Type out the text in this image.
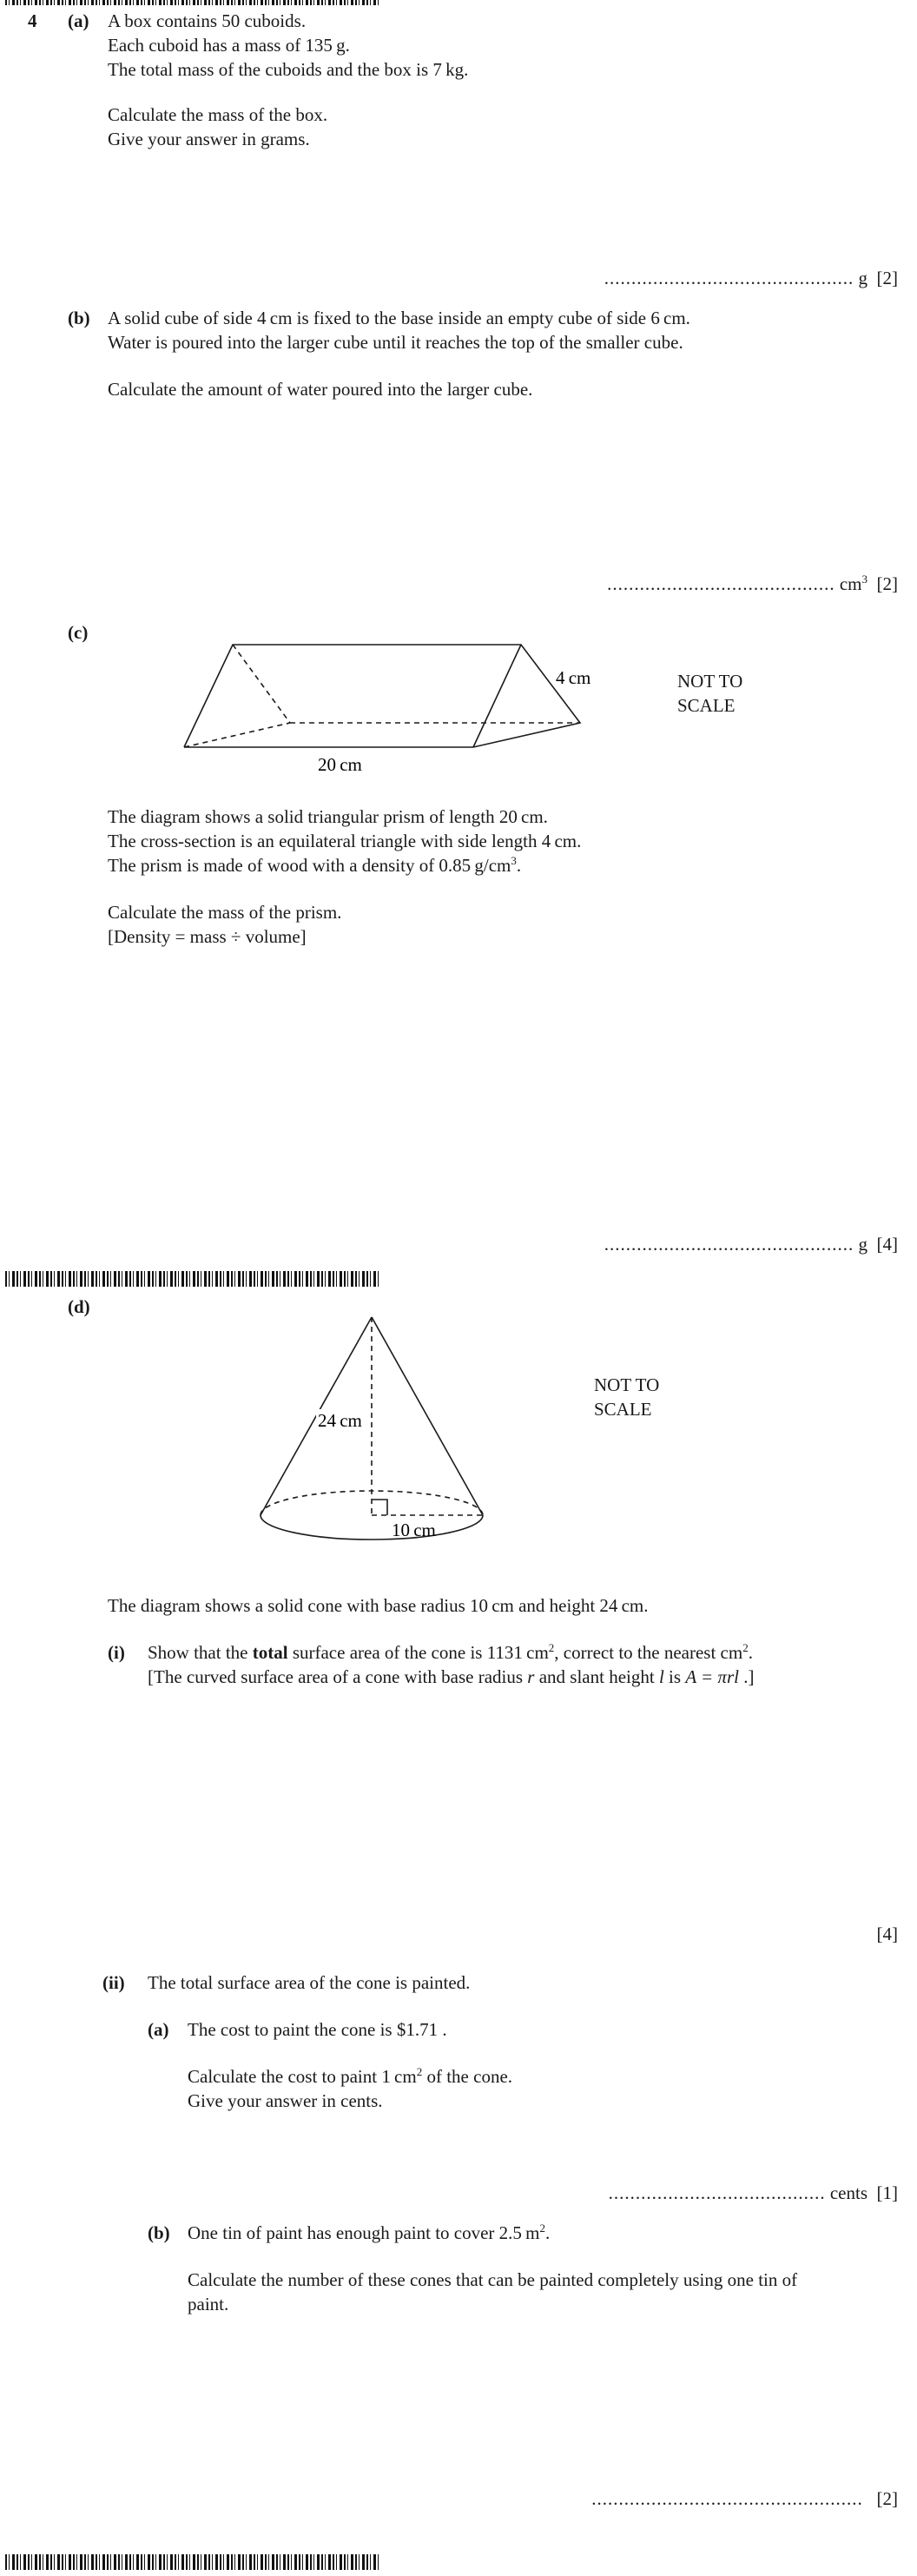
4 (a) A box contains 50 cuboids.
Each cuboid has a mass of 135 g.
The total mass of the cuboids and the box is 7 kg.
Calculate the mass of the box.
Give your answer in grams.
.............................................. g [2]
(b) A solid cube of side 4 cm is fixed to the base inside an empty cube of side 6 cm.
Water is poured into the larger cube until it reaches the top of the smaller cube.
Calculate the amount of water poured into the larger cube.
.......................................... $cm^3$ [2]
(c)
4 cm
20 cm
NOT TO
SCALE
The diagram shows a solid triangular prism of length 20 cm.
The cross-section is an equilateral triangle with side length 4 cm.
The prism is made of wood with a density of 0.85 $g/cm^3$.
Calculate the mass of the prism.
[Density = mass ÷ volume]
.............................................. g [4]
(d)
24 cm
10 cm
NOT TO
SCALE
The diagram shows a solid cone with base radius 10 cm and height 24 cm.
(i) Show that the total surface area of the cone is 1131 $cm^2$, correct to the nearest $cm^2$.
[The curved surface area of a cone with base radius r and slant height l is A = πrl .]
[4]
(ii) The total surface area of the cone is painted.
(a) The cost to paint the cone is $1.71 .
Calculate the cost to paint 1 $cm^2$ of the cone.
Give your answer in cents.
........................................ cents [1]
(b) One tin of paint has enough paint to cover 2.5 $m^2$.
Calculate the number of these cones that can be painted completely using one tin of
paint.
.................................................. [2]
